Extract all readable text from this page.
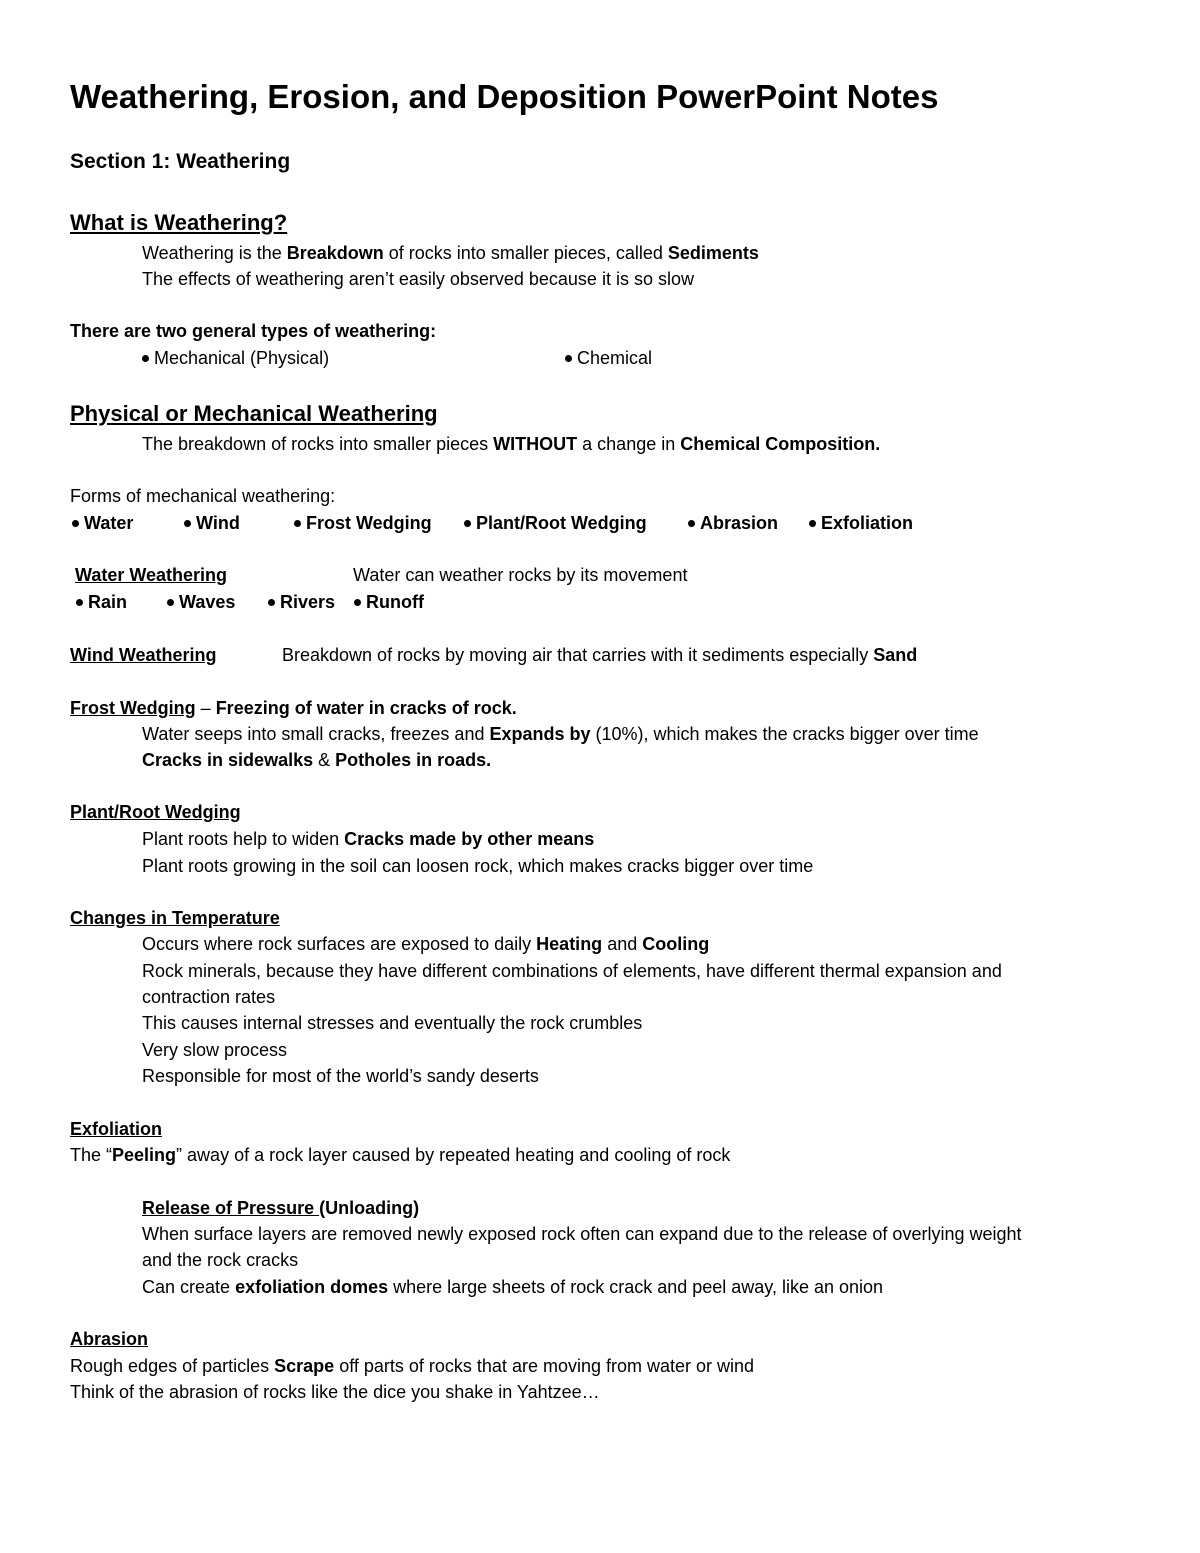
Weathering, Erosion, and Deposition PowerPoint Notes
Section 1: Weathering
What is Weathering?
Weathering is the Breakdown of rocks into smaller pieces, called Sediments
The effects of weathering aren’t easily observed because it is so slow
There are two general types of weathering:
Mechanical (Physical)	Chemical
Physical or Mechanical Weathering
The breakdown of rocks into smaller pieces WITHOUT a change in Chemical Composition.
Forms of mechanical weathering:
Water	Wind	Frost Wedging	Plant/Root Wedging	Abrasion	Exfoliation
Water Weathering	Water can weather rocks by its movement
Rain	Waves	Rivers	Runoff
Wind Weathering	Breakdown of rocks by moving air that carries with it sediments especially Sand
Frost Wedging – Freezing of water in cracks of rock.
Water seeps into small cracks, freezes and Expands by (10%), which makes the cracks bigger over time
Cracks in sidewalks & Potholes in roads.
Plant/Root Wedging
Plant roots help to widen Cracks made by other means
Plant roots growing in the soil can loosen rock, which makes cracks bigger over time
Changes in Temperature
Occurs where rock surfaces are exposed to daily Heating and Cooling
Rock minerals, because they have different combinations of elements, have different thermal expansion and
contraction rates
This causes internal stresses and eventually the rock crumbles
Very slow process
Responsible for most of the world’s sandy deserts
Exfoliation
The “Peeling” away of a rock layer caused by repeated heating and cooling of rock
Release of Pressure (Unloading)
When surface layers are removed newly exposed rock often can expand due to the release of overlying weight
and the rock cracks
Can create exfoliation domes where large sheets of rock crack and peel away, like an onion
Abrasion
Rough edges of particles Scrape off parts of rocks that are moving from water or wind
Think of the abrasion of rocks like the dice you shake in Yahtzee…
